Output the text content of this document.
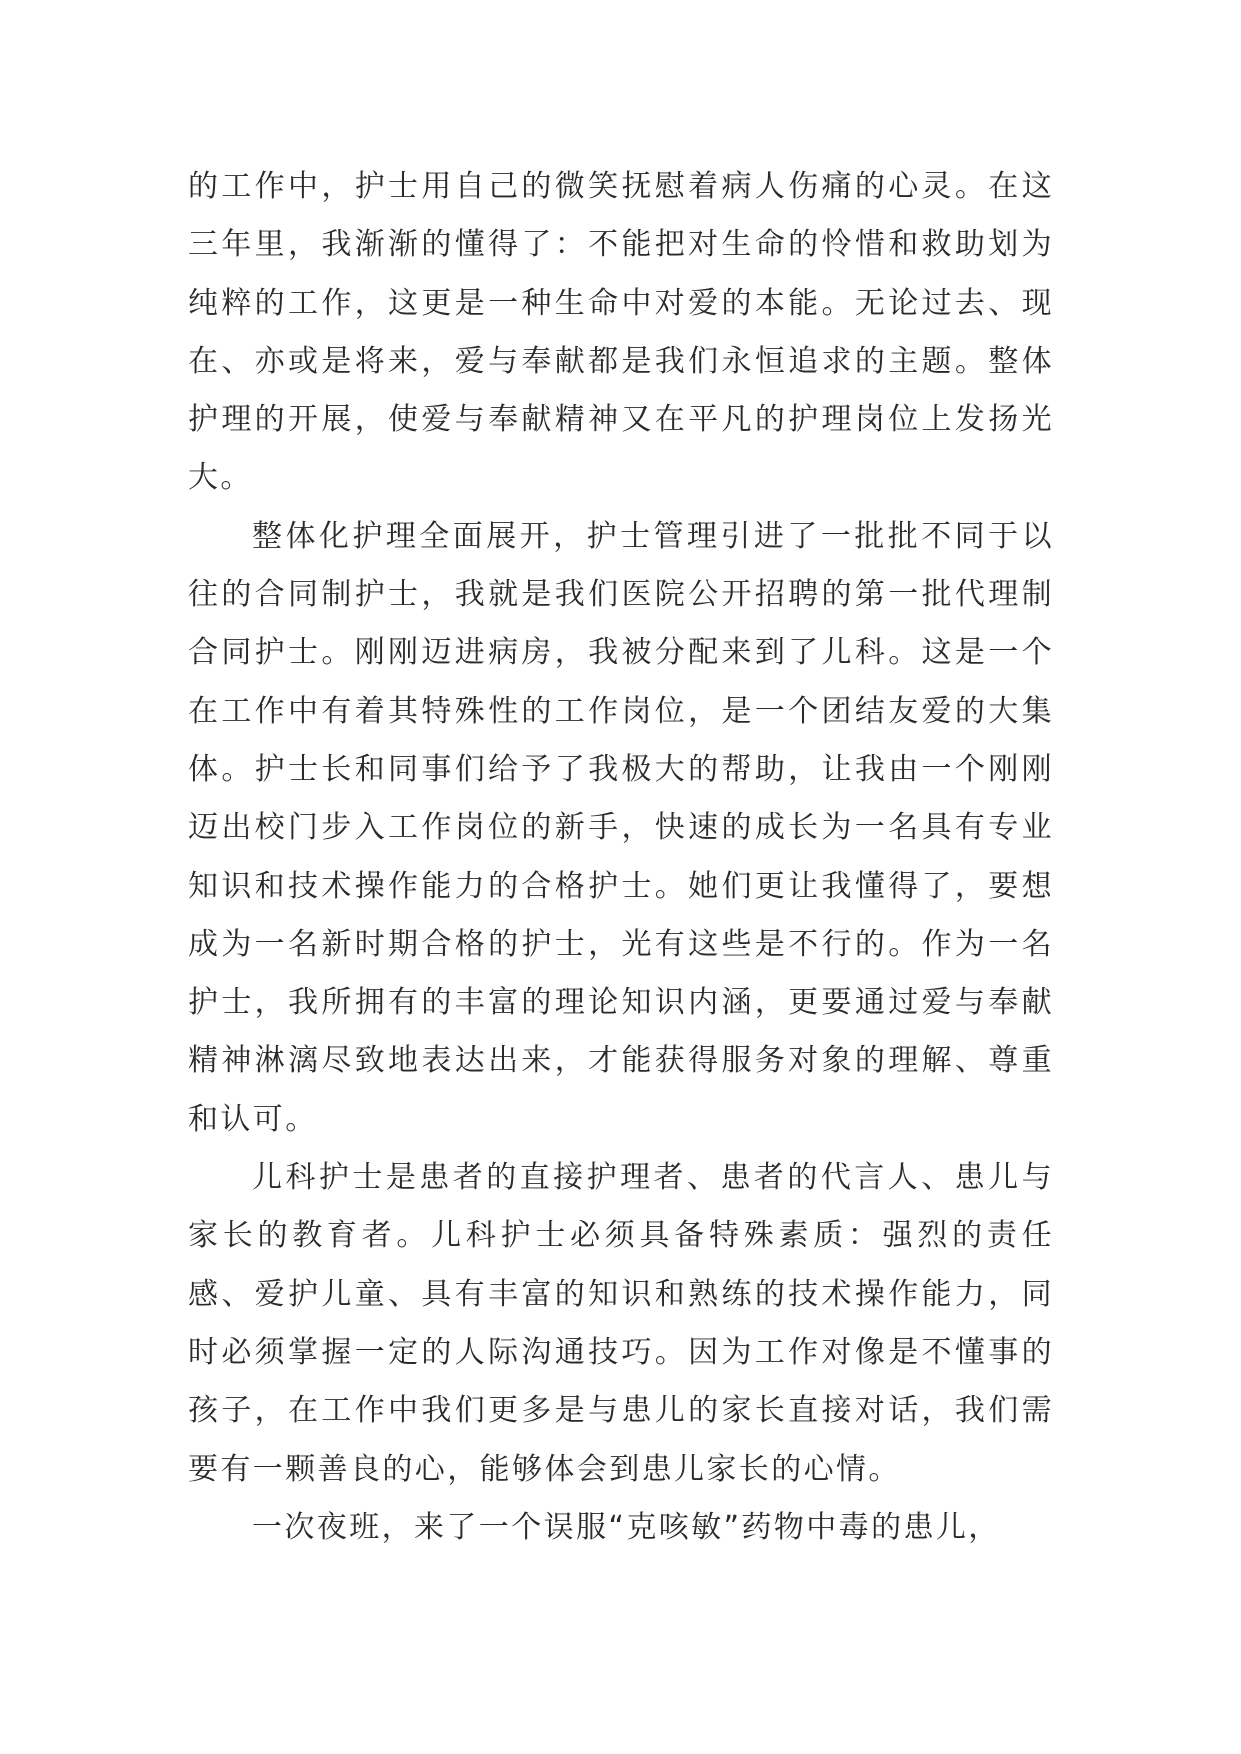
的工作中，护士用自己的微笑抚慰着病人伤痛的心灵。在这三年里，我渐渐的懂得了：不能把对生命的怜惜和救助划为纯粹的工作，这更是一种生命中对爱的本能。无论过去、现在、亦或是将来，爱与奉献都是我们永恒追求的主题。整体护理的开展，使爱与奉献精神又在平凡的护理岗位上发扬光大。

整体化护理全面展开，护士管理引进了一批批不同于以往的合同制护士，我就是我们医院公开招聘的第一批代理制合同护士。刚刚迈进病房，我被分配来到了儿科。这是一个在工作中有着其特殊性的工作岗位，是一个团结友爱的大集体。护士长和同事们给予了我极大的帮助，让我由一个刚刚迈出校门步入工作岗位的新手，快速的成长为一名具有专业知识和技术操作能力的合格护士。她们更让我懂得了，要想成为一名新时期合格的护士，光有这些是不行的。作为一名护士，我所拥有的丰富的理论知识内涵，更要通过爱与奉献精神淋漓尽致地表达出来，才能获得服务对象的理解、尊重和认可。

儿科护士是患者的直接护理者、患者的代言人、患儿与家长的教育者。儿科护士必须具备特殊素质：强烈的责任感、爱护儿童、具有丰富的知识和熟练的技术操作能力，同时必须掌握一定的人际沟通技巧。因为工作对像是不懂事的孩子，在工作中我们更多是与患儿的家长直接对话，我们需要有一颗善良的心，能够体会到患儿家长的心情。

一次夜班，来了一个误服“克咳敏”药物中毒的患儿，
